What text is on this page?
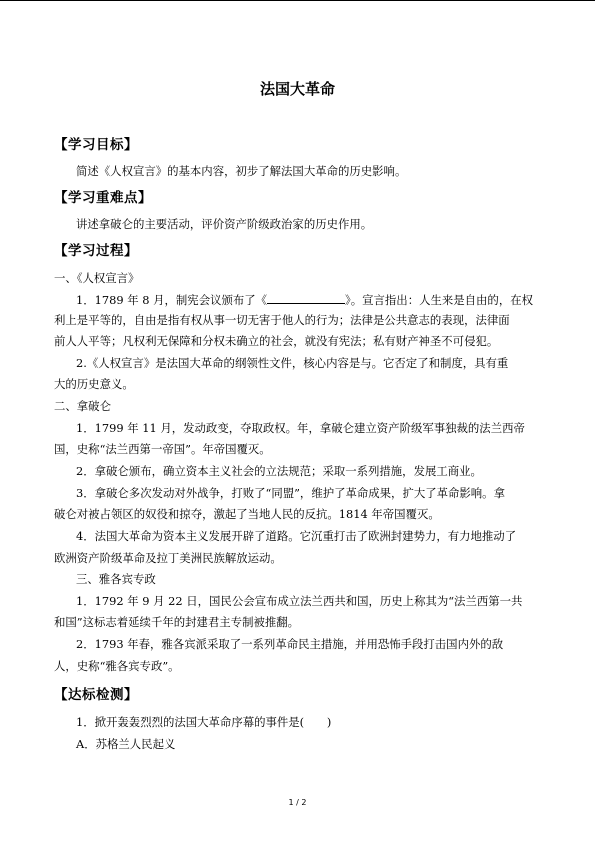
法国大革命
【学习目标】
简述《人权宣言》的基本内容，初步了解法国大革命的历史影响。
【学习重难点】
讲述拿破仑的主要活动，评价资产阶级政治家的历史作用。
【学习过程】
一、《人权宣言》
1．1789 年 8 月，制宪会议颁布了《	》。宣言指出：人生来是自由的，在权
利上是平等的，自由是指有权从事一切无害于他人的行为；法律是公共意志的表现，法律面
前人人平等；凡权利无保障和分权未确立的社会，就没有宪法；私有财产神圣不可侵犯。
2.《人权宣言》是法国大革命的纲领性文件，核心内容是与。它否定了和制度，具有重
大的历史意义。
二、拿破仑
1．1799 年 11 月，发动政变，夺取政权。年，拿破仑建立资产阶级军事独裁的法兰西帝
国，史称“法兰西第一帝国”。年帝国覆灭。
2．拿破仑颁布，确立资本主义社会的立法规范；采取一系列措施，发展工商业。
3．拿破仑多次发动对外战争，打败了“同盟”，维护了革命成果，扩大了革命影响。拿
破仑对被占领区的奴役和掠夺，激起了当地人民的反抗。1814 年帝国覆灭。
4．法国大革命为资本主义发展开辟了道路。它沉重打击了欧洲封建势力，有力地推动了
欧洲资产阶级革命及拉丁美洲民族解放运动。
三、雅各宾专政
1．1792 年 9 月 22 日，国民公会宣布成立法兰西共和国，历史上称其为“法兰西第一共
和国”这标志着延续千年的封建君主专制被推翻。
2．1793 年春，雅各宾派采取了一系列革命民主措施，并用恐怖手段打击国内外的敌
人，史称“雅各宾专政”。
【达标检测】
1．掀开轰轰烈烈的法国大革命序幕的事件是(　　)
A．苏格兰人民起义
1 / 2
